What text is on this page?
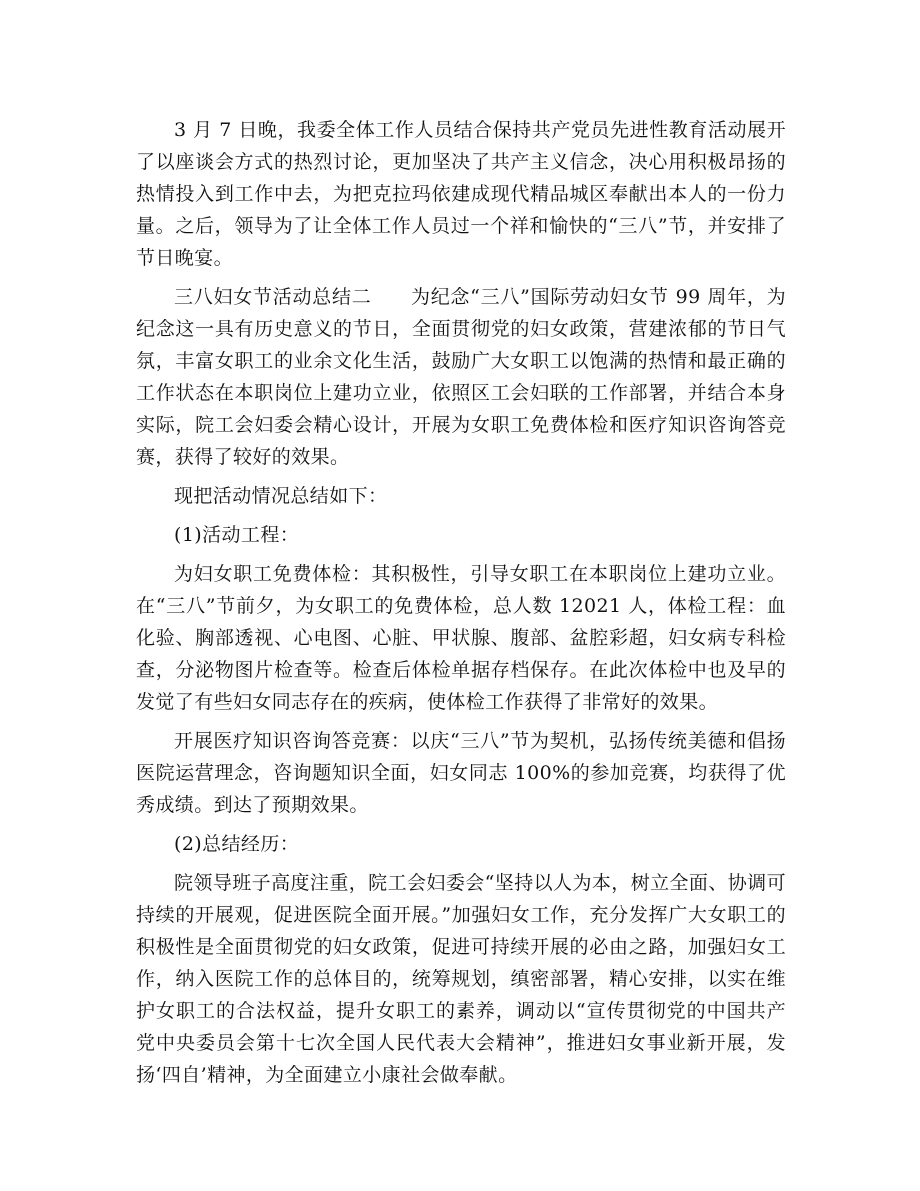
3 月 7 日晚，我委全体工作人员结合保持共产党员先进性教育活动展开了以座谈会方式的热烈讨论，更加坚决了共产主义信念，决心用积极昂扬的热情投入到工作中去，为把克拉玛依建成现代精品城区奉献出本人的一份力量。之后，领导为了让全体工作人员过一个祥和愉快的“三八”节，并安排了节日晚宴。

三八妇女节活动总结二　　为纪念“三八”国际劳动妇女节 99 周年，为纪念这一具有历史意义的节日，全面贯彻党的妇女政策，营建浓郁的节日气氛，丰富女职工的业余文化生活，鼓励广大女职工以饱满的热情和最正确的工作状态在本职岗位上建功立业，依照区工会妇联的工作部署，并结合本身实际，院工会妇委会精心设计，开展为女职工免费体检和医疗知识咨询答竞赛，获得了较好的效果。

现把活动情况总结如下：

(1)活动工程：

为妇女职工免费体检：其积极性，引导女职工在本职岗位上建功立业。在“三八”节前夕，为女职工的免费体检，总人数 12021 人，体检工程：血化验、胸部透视、心电图、心脏、甲状腺、腹部、盆腔彩超，妇女病专科检查，分泌物图片检查等。检查后体检单据存档保存。在此次体检中也及早的发觉了有些妇女同志存在的疾病，使体检工作获得了非常好的效果。

开展医疗知识咨询答竞赛：以庆“三八”节为契机，弘扬传统美德和倡扬医院运营理念，咨询题知识全面，妇女同志 100%的参加竞赛，均获得了优秀成绩。到达了预期效果。

(2)总结经历：

院领导班子高度注重，院工会妇委会“坚持以人为本，树立全面、协调可持续的开展观，促进医院全面开展。”加强妇女工作，充分发挥广大女职工的积极性是全面贯彻党的妇女政策，促进可持续开展的必由之路，加强妇女工作，纳入医院工作的总体目的，统筹规划，缜密部署，精心安排，以实在维护女职工的合法权益，提升女职工的素养，调动以“宣传贯彻党的中国共产党中央委员会第十七次全国人民代表大会精神”，推进妇女事业新开展，发扬‘四自’精神，为全面建立小康社会做奉献。
